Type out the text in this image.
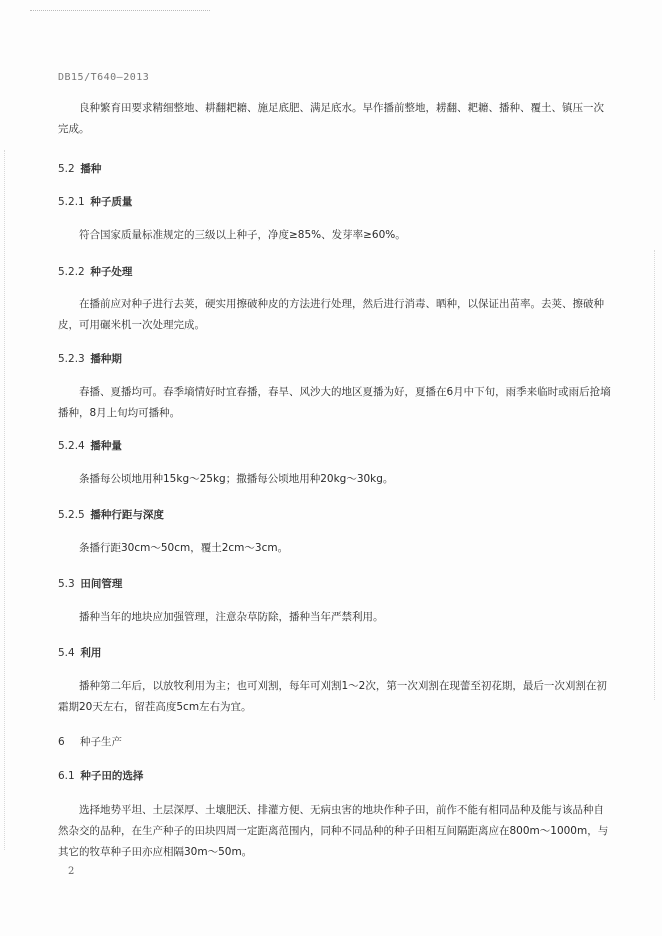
DB15/T640—2013

良种繁育田要求精细整地、耕翻耙耱、施足底肥、满足底水。早作播前整地，耢翻、耙耱、播种、覆土、镇压一次完成。

5.2 播种
5.2.1 种子质量

符合国家质量标准规定的三级以上种子，净度≥85%、发芽率≥60%。

5.2.2 种子处理

在播前应对种子进行去荚，硬实用擦破种皮的方法进行处理，然后进行消毒、晒种，以保证出苗率。去荚、擦破种皮，可用碾米机一次处理完成。

5.2.3 播种期

春播、夏播均可。春季墒情好时宜春播，春旱、风沙大的地区夏播为好，夏播在6月中下旬，雨季来临时或雨后抢墒播种，8月上旬均可播种。

5.2.4 播种量

条播每公顷地用种15kg～25kg；撒播每公顷地用种20kg～30kg。

5.2.5 播种行距与深度

条播行距30cm～50cm，覆土2cm～3cm。

5.3 田间管理

播种当年的地块应加强管理，注意杂草防除，播种当年严禁利用。

5.4 利用

播种第二年后，以放牧利用为主；也可刈割，每年可刈割1～2次，第一次刈割在现蕾至初花期，最后一次刈割在初霜期20天左右，留茬高度5cm左右为宜。

6 种子生产
6.1 种子田的选择

选择地势平坦、土层深厚、土壤肥沃、排灌方便、无病虫害的地块作种子田，前作不能有相同品种及能与该品种自然杂交的品种，在生产种子的田块四周一定距离范围内，同种不同品种的种子田相互间隔距离应在800m～1000m，与其它的牧草种子田亦应相隔30m～50m。

2
